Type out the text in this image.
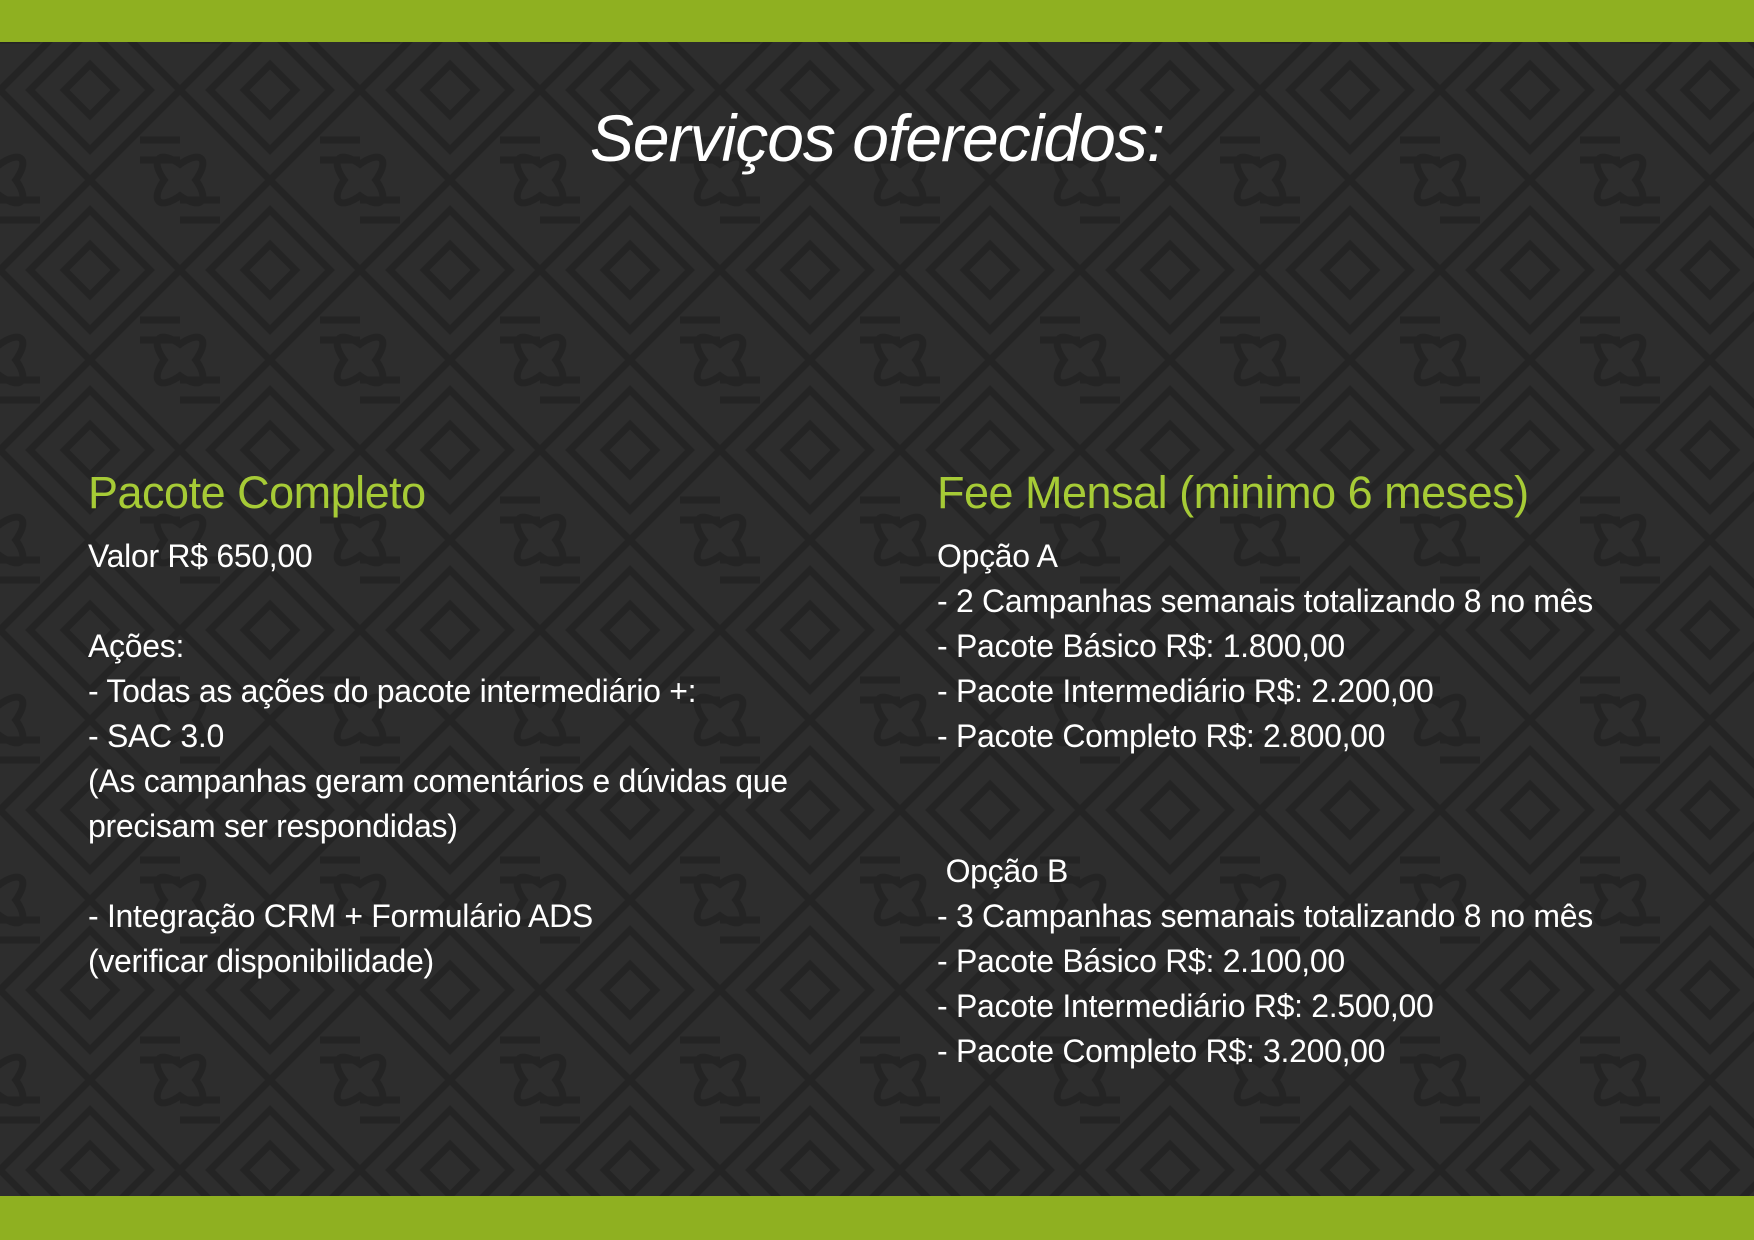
Serviços oferecidos:
Pacote Completo
Valor R$ 650,00
Ações:
- Todas as ações do pacote intermediário +:
- SAC 3.0
(As campanhas geram comentários e dúvidas que
precisam ser respondidas)
- Integração CRM + Formulário ADS
(verificar disponibilidade)
Fee Mensal (minimo 6 meses)
Opção A
- 2 Campanhas semanais totalizando 8 no mês
- Pacote Básico R$: 1.800,00
- Pacote Intermediário R$: 2.200,00
- Pacote Completo R$: 2.800,00
Opção B
- 3 Campanhas semanais totalizando 8 no mês
- Pacote Básico R$: 2.100,00
- Pacote Intermediário R$: 2.500,00
- Pacote Completo R$: 3.200,00
